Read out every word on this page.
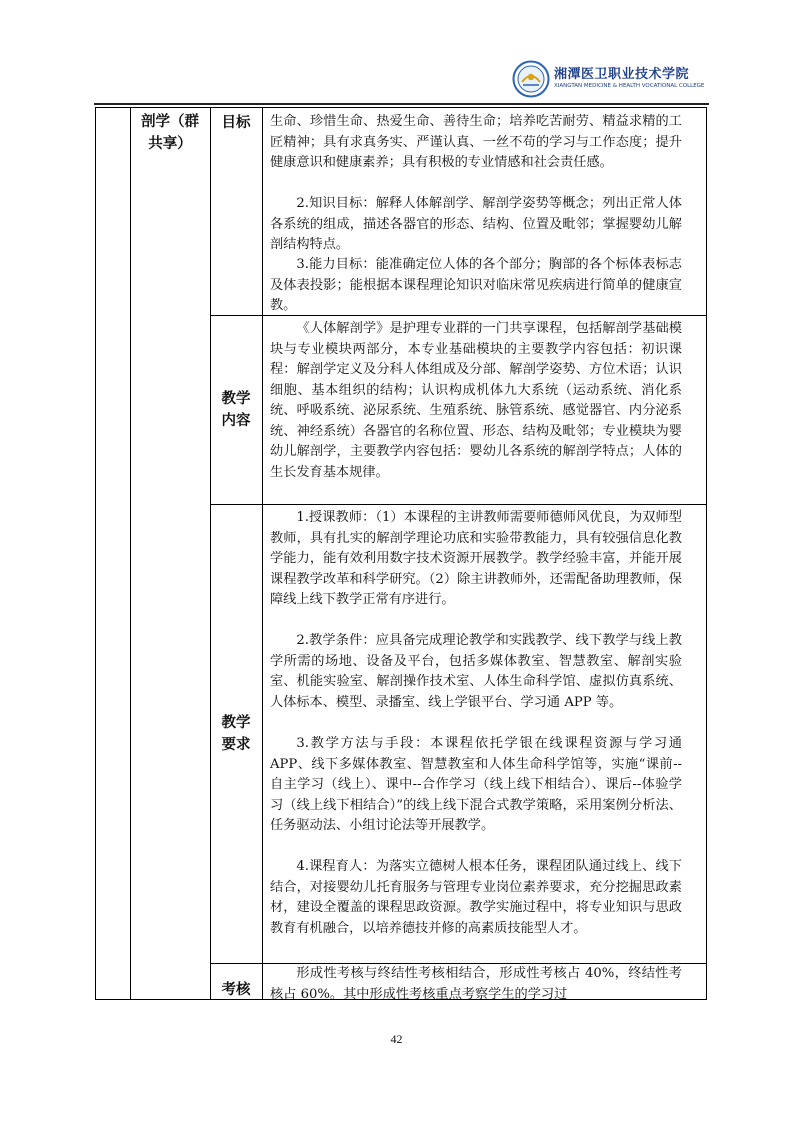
湘潭医卫职业技术学院
XIANGTAN MEDICINE & HEALTH VOCATIONAL COLLEGE
剖学（群共享）
目标	生命、珍惜生命、热爱生命、善待生命；培养吃苦耐劳、精益求精的工匠精神；具有求真务实、严谨认真、一丝不苟的学习与工作态度；提升健康意识和健康素养；具有积极的专业情感和社会责任感。

2.知识目标：解释人体解剖学、解剖学姿势等概念；列出正常人体各系统的组成，描述各器官的形态、结构、位置及毗邻；掌握婴幼儿解剖结构特点。

3.能力目标：能准确定位人体的各个部分；胸部的各个标体表标志及体表投影；能根据本课程理论知识对临床常见疾病进行简单的健康宣教。

教学内容

《人体解剖学》是护理专业群的一门共享课程，包括解剖学基础模块与专业模块两部分，本专业基础模块的主要教学内容包括：初识课程：解剖学定义及分科人体组成及分部、解剖学姿势、方位术语；认识细胞、基本组织的结构；认识构成机体九大系统（运动系统、消化系统、呼吸系统、泌尿系统、生殖系统、脉管系统、感觉器官、内分泌系统、神经系统）各器官的名称位置、形态、结构及毗邻；专业模块为婴幼儿解剖学，主要教学内容包括：婴幼儿各系统的解剖学特点；人体的生长发育基本规律。

教学要求

1.授课教师：（1）本课程的主讲教师需要师德师风优良，为双师型教师，具有扎实的解剖学理论功底和实验带教能力，具有较强信息化教学能力，能有效利用数字技术资源开展教学。教学经验丰富，并能开展课程教学改革和科学研究。（2）除主讲教师外，还需配备助理教师，保障线上线下教学正常有序进行。

2.教学条件：应具备完成理论教学和实践教学、线下教学与线上教学所需的场地、设备及平台，包括多媒体教室、智慧教室、解剖实验室、机能实验室、解剖操作技术室、人体生命科学馆、虚拟仿真系统、人体标本、模型、录播室、线上学银平台、学习通 APP 等。

3.教学方法与手段：本课程依托学银在线课程资源与学习通 APP、线下多媒体教室、智慧教室和人体生命科学馆等，实施“课前--自主学习（线上）、课中--合作学习（线上线下相结合）、课后--体验学习（线上线下相结合）”的线上线下混合式教学策略，采用案例分析法、任务驱动法、小组讨论法等开展教学。

4.课程育人：为落实立德树人根本任务，课程团队通过线上、线下结合，对接婴幼儿托育服务与管理专业岗位素养要求，充分挖掘思政素材，建设全覆盖的课程思政资源。教学实施过程中，将专业知识与思政教育有机融合，以培养德技并修的高素质技能型人才。

考核

形成性考核与终结性考核相结合，形成性考核占 40%，终结性考核占 60%。其中形成性考核重点考察学生的学习过

42
